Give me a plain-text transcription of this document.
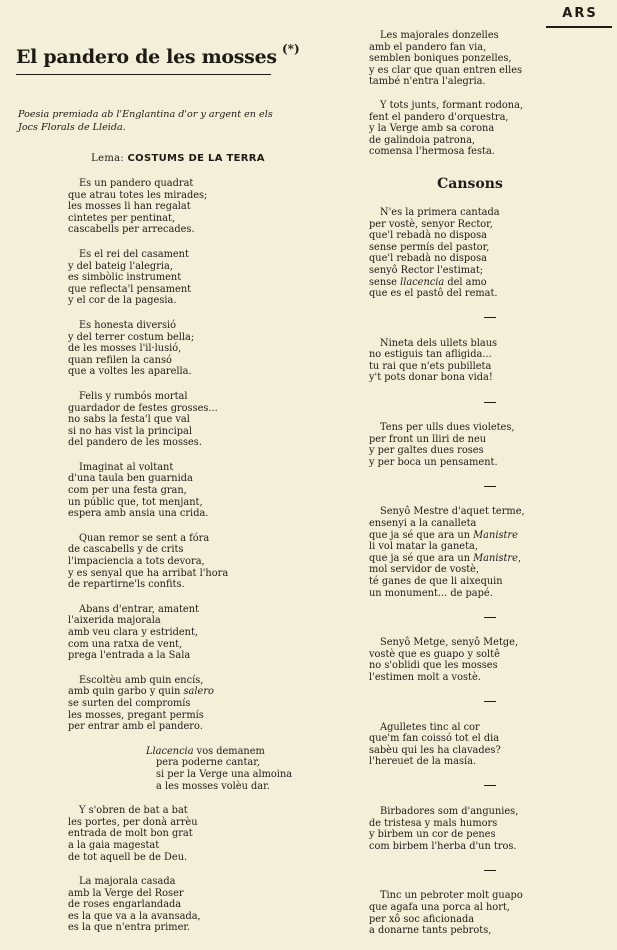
ARS
El pandero de les mosses (*)
Poesia premiada ab l'Englantina d'or y argent en els
Jocs Florals de Lleida.
Lema: COSTUMS DE LA TERRA
Es un pandero quadrat
que atrau totes les mirades;
les mosses li han regalat
cintetes per pentinat,
cascabells per arrecades.
Es el rei del casament
y del bateig l'alegria,
es simbòlic instrument
que reflecta'l pensament
y el cor de la pagesia.
Es honesta diversió
y del terrer costum bella;
de les mosses l'il·lusió,
quan refilen la cansó
que a voltes les aparella.
Felis y rumbós mortal
guardador de festes grosses...
no sabs la festa'l que val
si no has vist la principal
del pandero de les mosses.
Imaginat al voltant
d'una taula ben guarnida
com per una festa gran,
un públic que, tot menjant,
espera amb ansia una crida.
Quan remor se sent a fóra
de cascabells y de crits
l'impaciencia a tots devora,
y es senyal que ha arribat l'hora
de repartirne'ls confits.
Abans d'entrar, amatent
l'aixerida majorala
amb veu clara y estrident,
com una ratxa de vent,
prega l'entrada a la Sala
Escoltèu amb quin encís,
amb quin garbo y quin salero
se surten del compromís
les mosses, pregant permís
per entrar amb el pandero.
Llacencia vos demanem
pera poderne cantar,
si per la Verge una almoina
a les mosses volèu dar.
Y s'obren de bat a bat
les portes, per donà arrèu
entrada de molt bon grat
a la gaia magestat
de tot aquell be de Deu.
La majorala casada
amb la Verge del Roser
de roses engarlandada
es la que va a la avansada,
es la que n'entra primer.
Les majorales donzelles
amb el pandero fan via,
semblen boniques ponzelles,
y es clar que quan entren elles
també n'entra l'alegria.
Y tots junts, formant rodona,
fent el pandero d'orquestra,
y la Verge amb sa corona
de galindoia patrona,
comensa l'hermosa festa.
Cansons
N'es la primera cantada
per vostè, senyor Rector,
que'l rebadà no disposa
sense permís del pastor,
que'l rebadà no disposa
senyô Rector l'estimat;
sense llacencia del amo
que es el pastô del remat.
Nineta dels ullets blaus
no estiguis tan afligida...
tu rai que n'ets pubilleta
y't pots donar bona vida!
Tens per ulls dues violetes,
per front un lliri de neu
y per galtes dues roses
y per boca un pensament.
Senyô Mestre d'aquet terme,
ensenyi a la canalleta
que ja sé que ara un Manistre
li vol matar la ganeta,
que ja sé que ara un Manistre,
mol servidor de vostè,
té ganes de que li aixequin
un monument... de papé.
Senyô Metge, senyô Metge,
vostè que es guapo y soltê
no s'oblidi que les mosses
l'estimen molt a vostè.
Agulletes tinc al cor
que'm fan coissó tot el dia
sabèu qui les ha clavades?
l'hereuet de la masía.
Birbadores som d'angunies,
de tristesa y mals humors
y birbem un cor de penes
com birbem l'herba d'un tros.
Tinc un pebroter molt guapo
que agafa una porca al hort,
per xô soc aficionada
a donarne tants pebrots,
